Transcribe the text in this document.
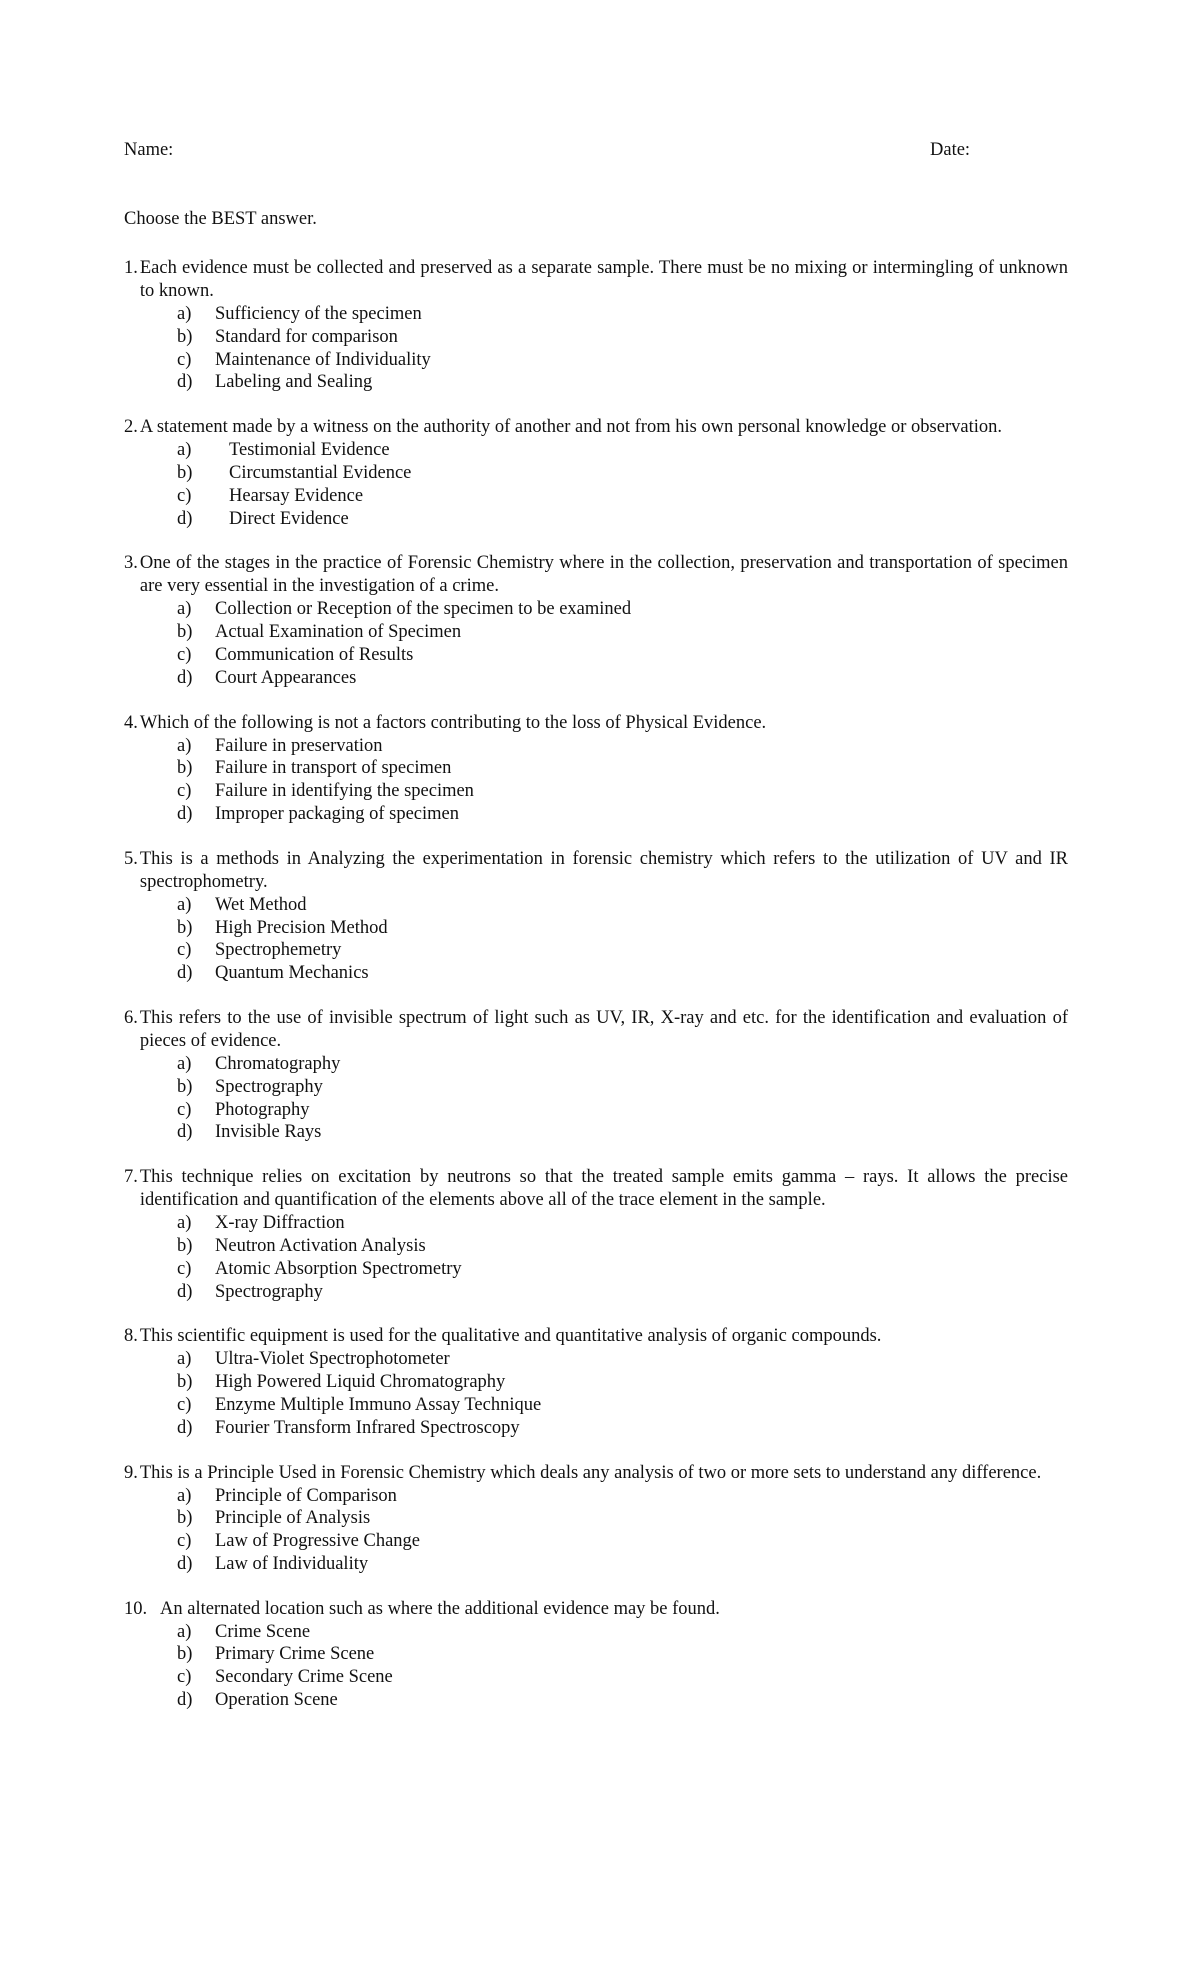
Name:	Date:
Choose the BEST answer.
1. Each evidence must be collected and preserved as a separate sample. There must be no mixing or intermingling of unknown to known.
a)	Sufficiency of the specimen
b)	Standard for comparison
c)	Maintenance of Individuality
d)	Labeling and Sealing
2. A statement made by a witness on the authority of another and not from his own personal knowledge or observation.
a)	Testimonial Evidence
b)	Circumstantial Evidence
c)	Hearsay Evidence
d)	Direct Evidence
3. One of the stages in the practice of Forensic Chemistry where in the collection, preservation and transportation of specimen are very essential in the investigation of a crime.
a)	Collection or Reception of the specimen to be examined
b)	Actual Examination of Specimen
c)	Communication of Results
d)	Court Appearances
4. Which of the following is not a factors contributing to the loss of Physical Evidence.
a)	Failure in preservation
b)	Failure in transport of specimen
c)	Failure in identifying the specimen
d)	Improper packaging of specimen
5. This is a methods in Analyzing the experimentation in forensic chemistry which refers to the utilization of UV and IR spectrophometry.
a)	Wet Method
b)	High Precision Method
c)	Spectrophemetry
d)	Quantum Mechanics
6. This refers to the use of invisible spectrum of light such as UV, IR, X-ray and etc. for the identification and evaluation of pieces of evidence.
a)	Chromatography
b)	Spectrography
c)	Photography
d)	Invisible Rays
7. This technique relies on excitation by neutrons so that the treated sample emits gamma – rays. It allows the precise identification and quantification of the elements above all of the trace element in the sample.
a)	X-ray Diffraction
b)	Neutron Activation Analysis
c)	Atomic Absorption Spectrometry
d)	Spectrography
8. This scientific equipment is used for the qualitative and quantitative analysis of organic compounds.
a)	Ultra-Violet Spectrophotometer
b)	High Powered Liquid Chromatography
c)	Enzyme Multiple Immuno Assay Technique
d)	Fourier Transform Infrared Spectroscopy
9. This is a Principle Used in Forensic Chemistry which deals any analysis of two or more sets to understand any difference.
a)	Principle of Comparison
b)	Principle of Analysis
c)	Law of Progressive Change
d)	Law of Individuality
10. An alternated location such as where the additional evidence may be found.
a)	Crime Scene
b)	Primary Crime Scene
c)	Secondary Crime Scene
d)	Operation Scene
